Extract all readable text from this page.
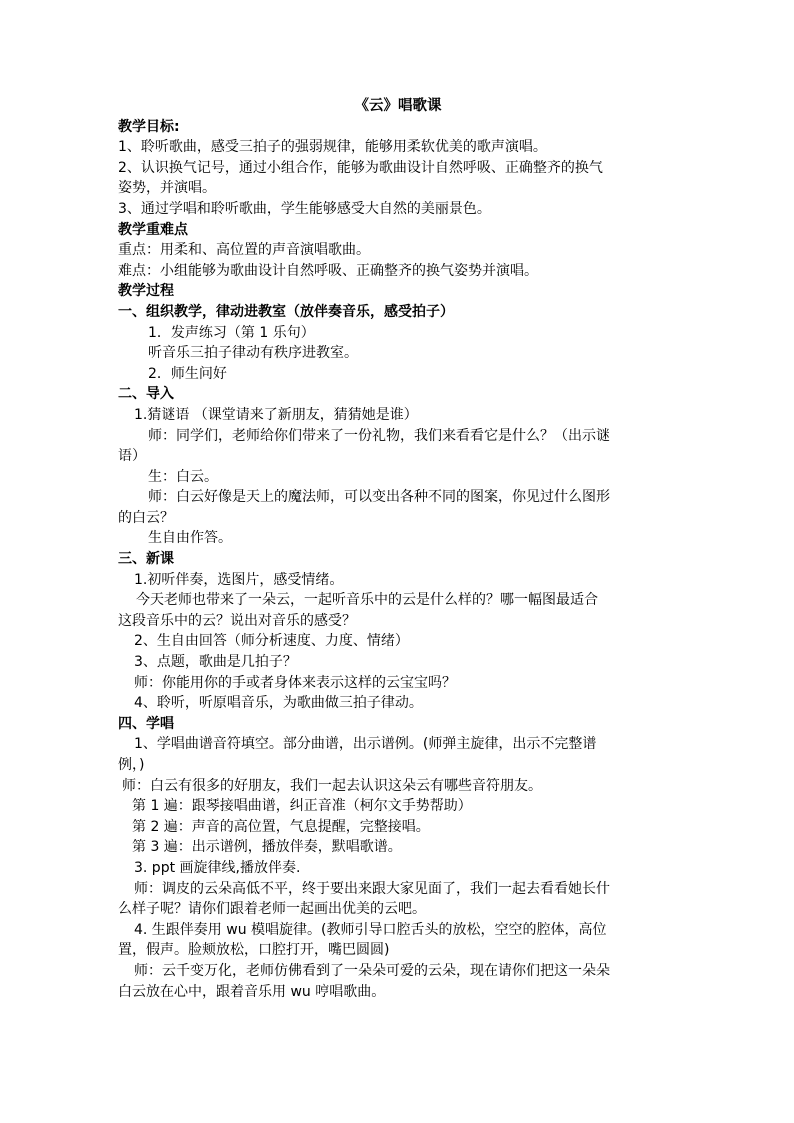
《云》唱歌课
教学目标:
1、聆听歌曲，感受三拍子的强弱规律，能够用柔软优美的歌声演唱。
2、认识换气记号，通过小组合作，能够为歌曲设计自然呼吸、正确整齐的换气
姿势，并演唱。
3、通过学唱和聆听歌曲，学生能够感受大自然的美丽景色。
教学重难点
重点：用柔和、高位置的声音演唱歌曲。
难点：小组能够为歌曲设计自然呼吸、正确整齐的换气姿势并演唱。
教学过程
一、组织教学，律动进教室（放伴奏音乐，感受拍子）
1．发声练习（第 1 乐句）
听音乐三拍子律动有秩序进教室。
2．师生问好
二、导入
1.猜谜语 （课堂请来了新朋友，猜猜她是谁）
师：同学们，老师给你们带来了一份礼物，我们来看看它是什么？（出示谜
语）
生：白云。
师：白云好像是天上的魔法师，可以变出各种不同的图案，你见过什么图形
的白云？
生自由作答。
三、新课
1.初听伴奏，选图片，感受情绪。
今天老师也带来了一朵云，一起听音乐中的云是什么样的？哪一幅图最适合
这段音乐中的云？说出对音乐的感受？
2、生自由回答（师分析速度、力度、情绪）
3、点题，歌曲是几拍子？
师：你能用你的手或者身体来表示这样的云宝宝吗？
4、聆听，听原唱音乐，为歌曲做三拍子律动。
四、学唱
1、学唱曲谱音符填空。部分曲谱，出示谱例。(师弹主旋律，出示不完整谱
例，)
师：白云有很多的好朋友，我们一起去认识这朵云有哪些音符朋友。
第 1 遍：跟琴接唱曲谱，纠正音准（柯尔文手势帮助）
第 2 遍：声音的高位置，气息提醒，完整接唱。
第 3 遍：出示谱例，播放伴奏，默唱歌谱。
3. ppt 画旋律线,播放伴奏.
师：调皮的云朵高低不平，终于要出来跟大家见面了，我们一起去看看她长什
么样子呢？请你们跟着老师一起画出优美的云吧。
4. 生跟伴奏用 wu 模唱旋律。(教师引导口腔舌头的放松，空空的腔体，高位
置，假声。脸颊放松，口腔打开，嘴巴圆圆)
师：云千变万化，老师仿佛看到了一朵朵可爱的云朵，现在请你们把这一朵朵
白云放在心中，跟着音乐用 wu 哼唱歌曲。
